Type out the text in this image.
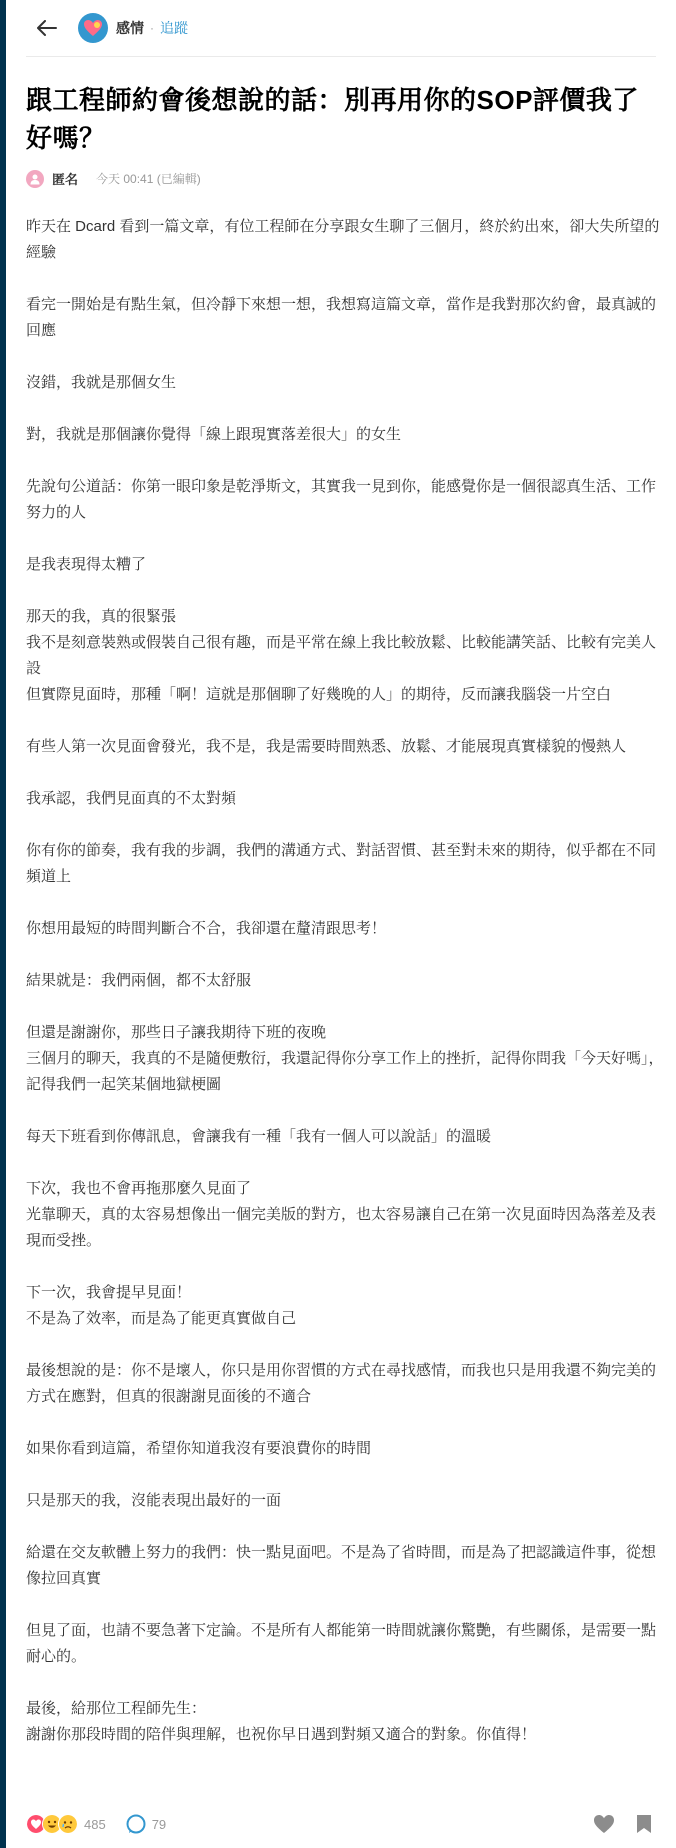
感情 · 追蹤
跟工程師約會後想說的話：別再用你的SOP評價我了好嗎？
匿名 今天 00:41 (已編輯)

昨天在 Dcard 看到一篇文章，有位工程師在分享跟女生聊了三個月，終於約出來，卻大失所望的經驗

看完一開始是有點生氣，但冷靜下來想一想，我想寫這篇文章，當作是我對那次約會，最真誠的回應

沒錯，我就是那個女生

對，我就是那個讓你覺得「線上跟現實落差很大」的女生

先說句公道話：你第一眼印象是乾淨斯文，其實我一見到你，能感覺你是一個很認真生活、工作努力的人

是我表現得太糟了

那天的我，真的很緊張
我不是刻意裝熟或假裝自己很有趣，而是平常在線上我比較放鬆、比較能講笑話、比較有完美人設
但實際見面時，那種「啊！這就是那個聊了好幾晚的人」的期待，反而讓我腦袋一片空白

有些人第一次見面會發光，我不是，我是需要時間熟悉、放鬆、才能展現真實樣貌的慢熱人

我承認，我們見面真的不太對頻

你有你的節奏，我有我的步調，我們的溝通方式、對話習慣、甚至對未來的期待，似乎都在不同頻道上

你想用最短的時間判斷合不合，我卻還在釐清跟思考！

結果就是：我們兩個，都不太舒服

但還是謝謝你，那些日子讓我期待下班的夜晚
三個月的聊天，我真的不是隨便敷衍，我還記得你分享工作上的挫折，記得你問我「今天好嗎」，記得我們一起笑某個地獄梗圖

每天下班看到你傳訊息，會讓我有一種「我有一個人可以說話」的溫暖

下次，我也不會再拖那麼久見面了
光靠聊天，真的太容易想像出一個完美版的對方，也太容易讓自己在第一次見面時因為落差及表現而受挫。

下一次，我會提早見面！
不是為了效率，而是為了能更真實做自己

最後想說的是：你不是壞人，你只是用你習慣的方式在尋找感情，而我也只是用我還不夠完美的方式在應對，但真的很謝謝見面後的不適合

如果你看到這篇，希望你知道我沒有要浪費你的時間

只是那天的我，沒能表現出最好的一面

給還在交友軟體上努力的我們：快一點見面吧。不是為了省時間，而是為了把認識這件事，從想像拉回真實

但見了面，也請不要急著下定論。不是所有人都能第一時間就讓你驚艷，有些關係，是需要一點耐心的。

最後，給那位工程師先生：
謝謝你那段時間的陪伴與理解，也祝你早日遇到對頻又適合的對象。你值得！

485	79
